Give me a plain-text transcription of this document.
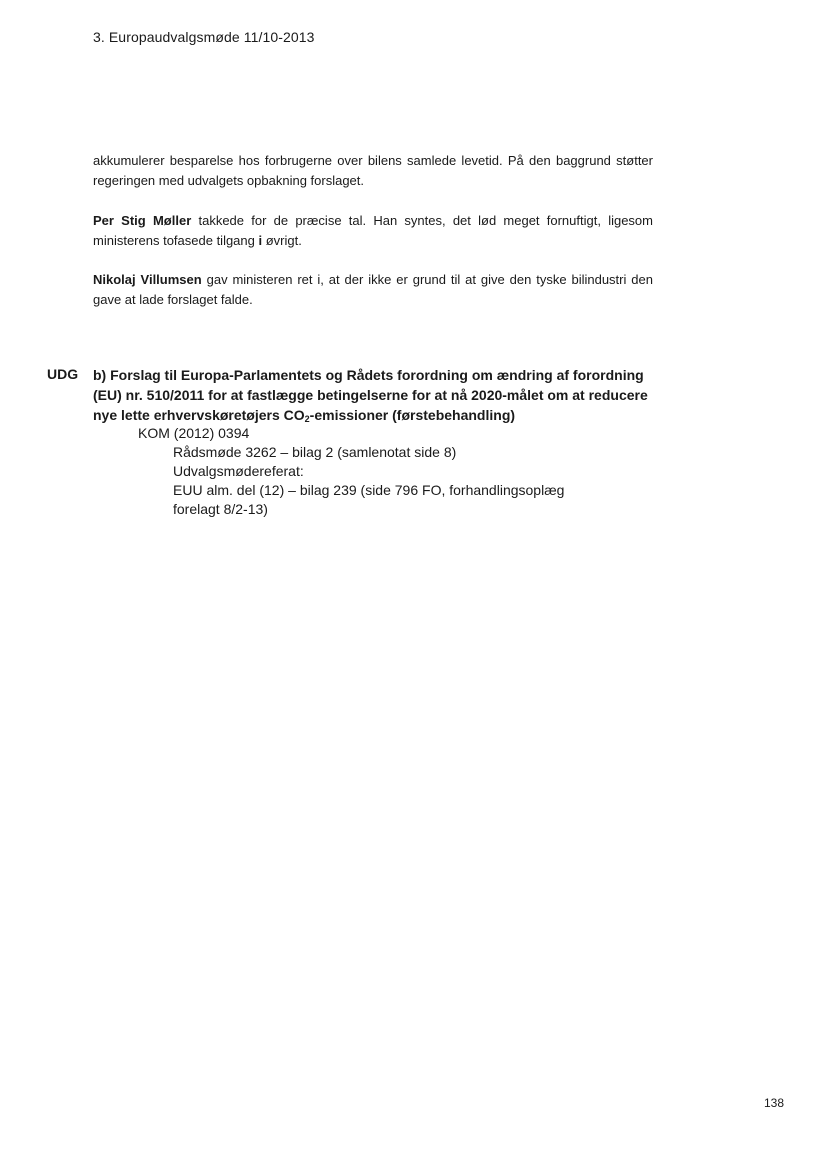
3. Europaudvalgsmøde 11/10-2013
akkumulerer besparelse hos forbrugerne over bilens samlede levetid. På den baggrund støtter regeringen med udvalgets opbakning forslaget.
Per Stig Møller takkede for de præcise tal. Han syntes, det lød meget fornuftigt, ligesom ministerens tofasede tilgang i øvrigt.
Nikolaj Villumsen gav ministeren ret i, at der ikke er grund til at give den tyske bilindustri den gave at lade forslaget falde.
UDG b) Forslag til Europa-Parlamentets og Rådets forordning om ændring af forordning (EU) nr. 510/2011 for at fastlægge betingelserne for at nå 2020-målet om at reducere nye lette erhvervskøretøjers $CO_2$-emissioner (førstebehandling)
KOM (2012) 0394
Rådsmøde 3262 – bilag 2 (samlenotat side 8)
Udvalgsmødereferat:
EUU alm. del (12) – bilag 239 (side 796 FO, forhandlingsoplæg
forelagt 8/2-13)
138
